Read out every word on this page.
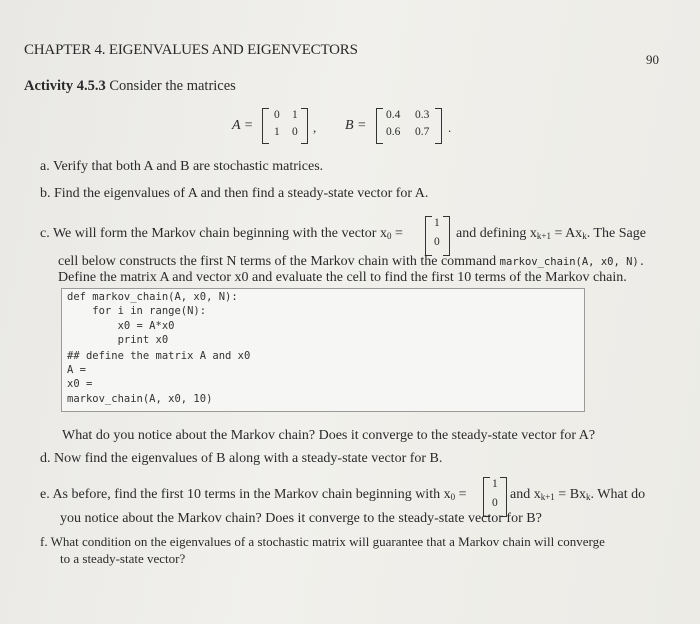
CHAPTER 4. EIGENVALUES AND EIGENVECTORS
90
Activity 4.5.3 Consider the matrices
A =
0 1
1 0 , B =
0.4 0.3
0.6 0.7 .
a. Verify that both A and B are stochastic matrices.
b. Find the eigenvalues of A and then find a steady-state vector for A.
c. We will form the Markov chain beginning with the vector $x_0$ =
1
0
and defining $x_{k+1} = Ax_k$. The Sage
cell below constructs the first N terms of the Markov chain with the command markov_chain(A, x0, N).
Define the matrix A and vector x0 and evaluate the cell to find the first 10 terms of the Markov chain.
def markov_chain(A, x0, N):
for i in range(N):
x0 = A*x0
print x0
## define the matrix A and x0
A =
x0 =
markov_chain(A, x0, 10)
What do you notice about the Markov chain? Does it converge to the steady-state vector for A?
d. Now find the eigenvalues of B along with a steady-state vector for B.
e. As before, find the first 10 terms in the Markov chain beginning with $x_0$ =
1
0
and $x_{k+1} = Bx_k$. What do
you notice about the Markov chain? Does it converge to the steady-state vector for B?
f. What condition on the eigenvalues of a stochastic matrix will guarantee that a Markov chain will converge
to a steady-state vector?
